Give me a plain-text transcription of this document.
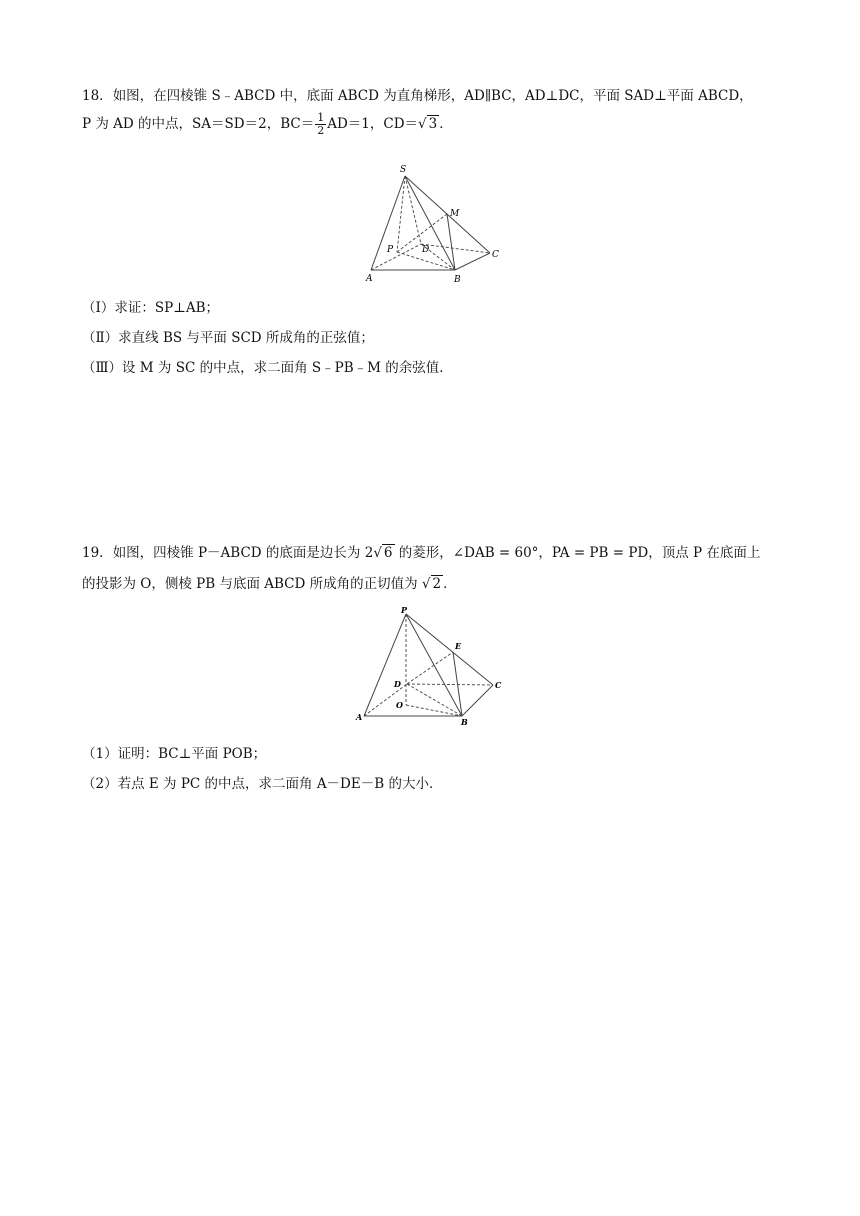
18．如图，在四棱锥 S﹣ABCD 中，底面 ABCD 为直角梯形，AD∥BC，AD⊥DC，平面 SAD⊥平面 ABCD，
P 为 AD 的中点，SA＝SD＝2，$BC= \frac{1}{2} AD=1$，CD＝√ 3 ．
S
M
P	D	C
A	B
（Ⅰ）求证：SP⊥AB；
（Ⅱ）求直线 BS 与平面 SCD 所成角的正弦值；
（Ⅲ）设 M 为 SC 的中点，求二面角 S﹣PB﹣M 的余弦值．
19．如图，四棱锥 P－ABCD 的底面是边长为 2√ 6 的菱形，∠DAB = 60°，PA = PB = PD，顶点 P 在底面上
的投影为 O，侧棱 PB 与底面 ABCD 所成角的正切值为 √ 2 ．
P
E
D	C
O
A	B
（1）证明：BC⊥平面 POB；
（2）若点 E 为 PC 的中点，求二面角 A－DE－B 的大小．
